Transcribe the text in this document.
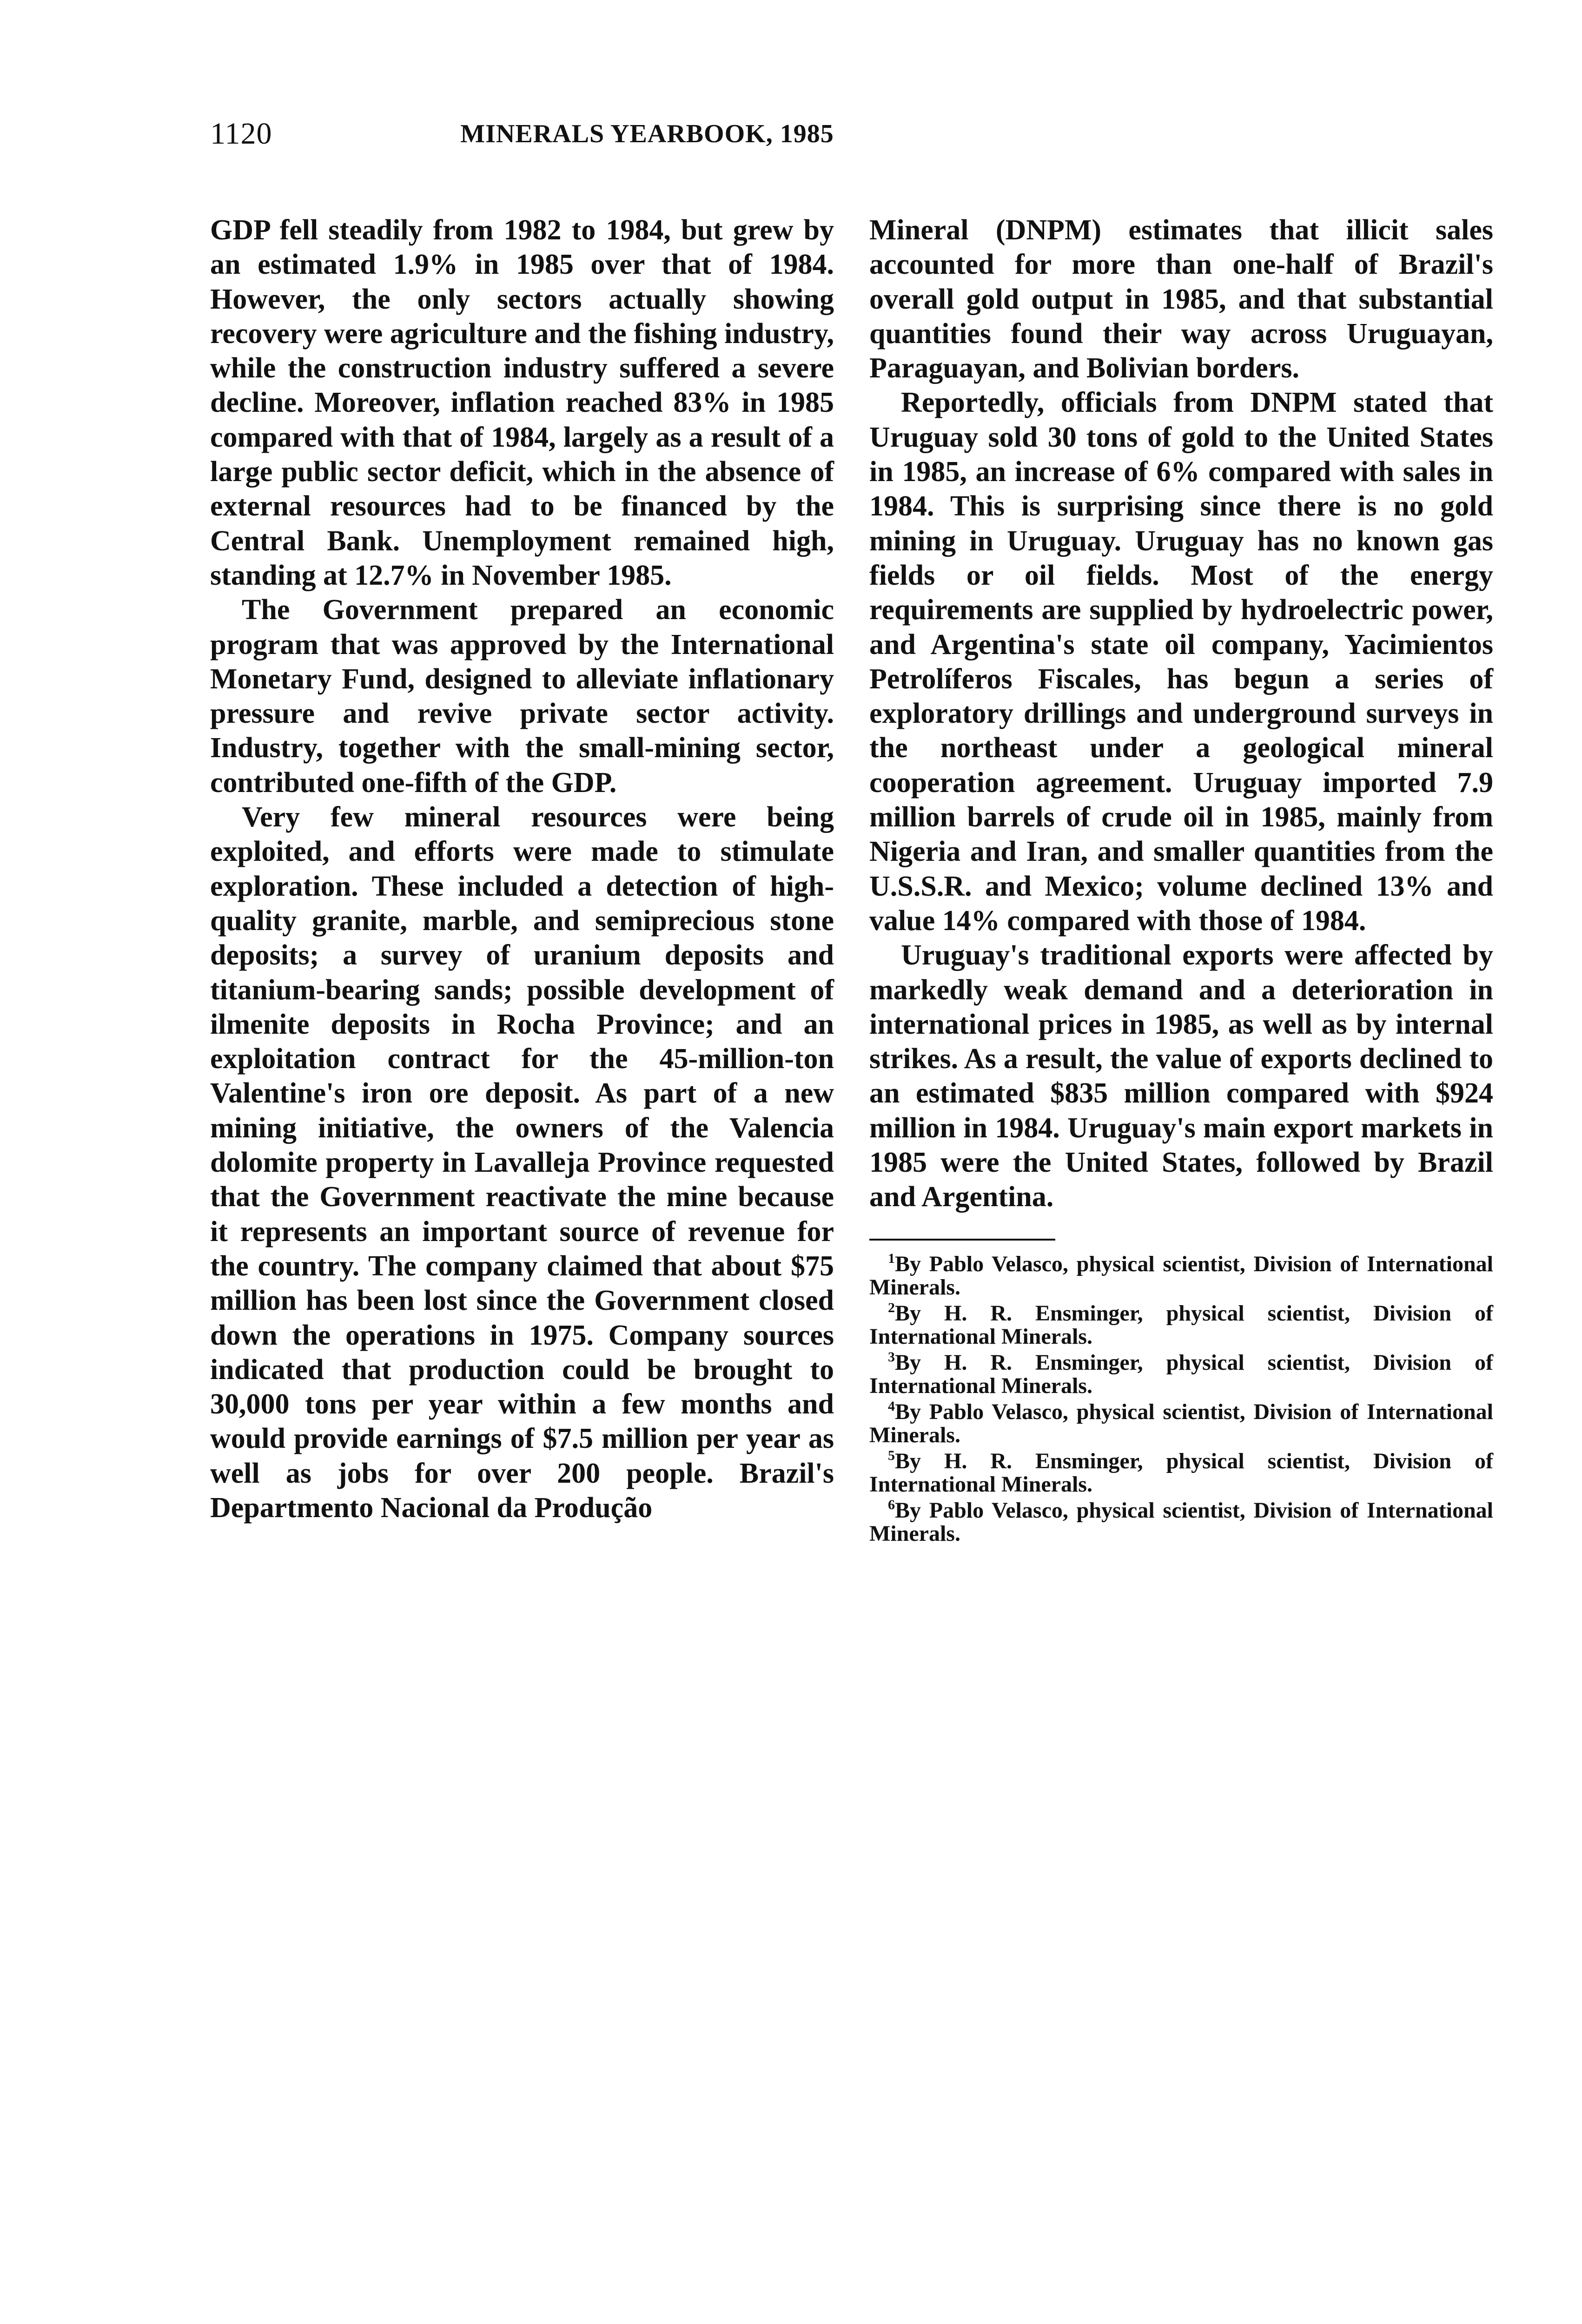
1120	MINERALS YEARBOOK, 1985

GDP fell steadily from 1982 to 1984, but grew by an estimated 1.9% in 1985 over that of 1984. However, the only sectors actually showing recovery were agriculture and the fishing industry, while the construction industry suffered a severe decline. Moreover, inflation reached 83% in 1985 compared with that of 1984, largely as a result of a large public sector deficit, which in the absence of external resources had to be financed by the Central Bank. Unemployment remained high, standing at 12.7% in November 1985.

The Government prepared an economic program that was approved by the International Monetary Fund, designed to alleviate inflationary pressure and revive private sector activity. Industry, together with the small-mining sector, contributed one-fifth of the GDP.

Very few mineral resources were being exploited, and efforts were made to stimulate exploration. These included a detection of high-quality granite, marble, and semiprecious stone deposits; a survey of uranium deposits and titanium-bearing sands; possible development of ilmenite deposits in Rocha Province; and an exploitation contract for the 45-million-ton Valentine's iron ore deposit. As part of a new mining initiative, the owners of the Valencia dolomite property in Lavalleja Province requested that the Government reactivate the mine because it represents an important source of revenue for the country. The company claimed that about $75 million has been lost since the Government closed down the operations in 1975. Company sources indicated that production could be brought to 30,000 tons per year within a few months and would provide earnings of $7.5 million per year as well as jobs for over 200 people. Brazil's Departmento Nacional da Produção

Mineral (DNPM) estimates that illicit sales accounted for more than one-half of Brazil's overall gold output in 1985, and that substantial quantities found their way across Uruguayan, Paraguayan, and Bolivian borders.

Reportedly, officials from DNPM stated that Uruguay sold 30 tons of gold to the United States in 1985, an increase of 6% compared with sales in 1984. This is surprising since there is no gold mining in Uruguay. Uruguay has no known gas fields or oil fields. Most of the energy requirements are supplied by hydroelectric power, and Argentina's state oil company, Yacimientos Petrolíferos Fiscales, has begun a series of exploratory drillings and underground surveys in the northeast under a geological mineral cooperation agreement. Uruguay imported 7.9 million barrels of crude oil in 1985, mainly from Nigeria and Iran, and smaller quantities from the U.S.S.R. and Mexico; volume declined 13% and value 14% compared with those of 1984.

Uruguay's traditional exports were affected by markedly weak demand and a deterioration in international prices in 1985, as well as by internal strikes. As a result, the value of exports declined to an estimated $835 million compared with $924 million in 1984. Uruguay's main export markets in 1985 were the United States, followed by Brazil and Argentina.

$^1$By Pablo Velasco, physical scientist, Division of International Minerals.
$^2$By H. R. Ensminger, physical scientist, Division of International Minerals.
$^3$By H. R. Ensminger, physical scientist, Division of International Minerals.
$^4$By Pablo Velasco, physical scientist, Division of International Minerals.
$^5$By H. R. Ensminger, physical scientist, Division of International Minerals.
$^6$By Pablo Velasco, physical scientist, Division of International Minerals.
